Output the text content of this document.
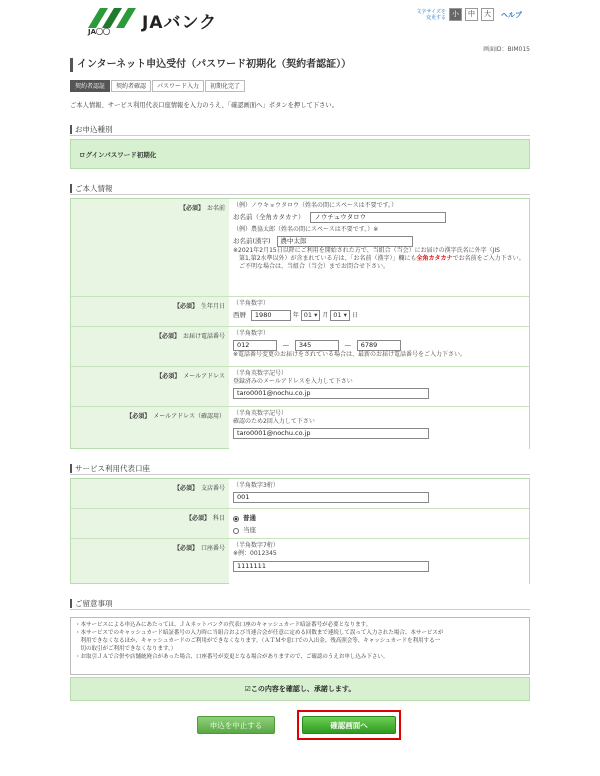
JAバンク
JA〇〇
文字サイズを変更する 小	中	大	ヘルプ
画面ID：BIM015
インターネット申込受付（パスワード初期化（契約者認証））
契約者認証	契約者確認	パスワード入力	初期化完了
ご本人情報、サービス利用代表口座情報を入力のうえ、「確認画面へ」ボタンを押して下さい。
お申込種別
ログインパスワード初期化
ご本人情報
【必須】 お名前 （例）ノウキョウタロウ（姓名の間にスペースは不要です。）
お名前（全角カタカナ） ノウチュウタロウ
（例）農協太郎（姓名の間にスペースは不要です。）※
お名前(漢字) 農中太郎
※2021年2月15日以降にご利用を開始された方で、当組合（当会）にお届けの漢字氏名に外字（JIS
第1,第2水準以外）が含まれている方は、「お名前（漢字）」欄にも全角カタカナでお名前をご入力下さい。
ご不明な場合は、当組合（当会）までお問合せ下さい。
【必須】 生年月日 （半角数字）
西暦 1980	年 01 ▾ 月 01 ▾ 日
【必須】 お届け電話番号 （半角数字）
012	― 345	― 6789
※電話番号変更のお届けをされている場合は、最新のお届け電話番号をご入力下さい。
【必須】 メールアドレス （半角英数字記号）
登録済みのメールアドレスを入力して下さい
taro0001@nochu.co.jp
【必須】 メールアドレス（確認用） （半角英数字記号）
確認のため2回入力して下さい
taro0001@nochu.co.jp
サービス利用代表口座
【必須】 支店番号 （半角数字3桁）
001
【必須】 科目	普通
当座
【必須】 口座番号 （半角数字7桁）
※例：0012345
1111111
ご留意事項
・本サービスによる申込みにあたっては、ＪＡネットバンクの代表口座のキャッシュカード暗証番号が必要となります。
・本サービスでのキャッシュカード暗証番号の入力時に当組合および当連合会が任意に定める回数まで連続して誤って入力された場合、本サービスが
　利用できなくなるほか、キャッシュカードのご利用ができなくなります。（ＡＴＭや窓口での入出金、残高照会等、キャッシュカードを利用する一
　切の取引がご利用できなくなります。）
・お取引ＪＡで合併や店舗統廃合があった場合、口座番号が変更となる場合がありますので、ご確認のうえお申し込み下さい。
☑この内容を確認し、承諾します。
申込を中止する	確認画面へ
